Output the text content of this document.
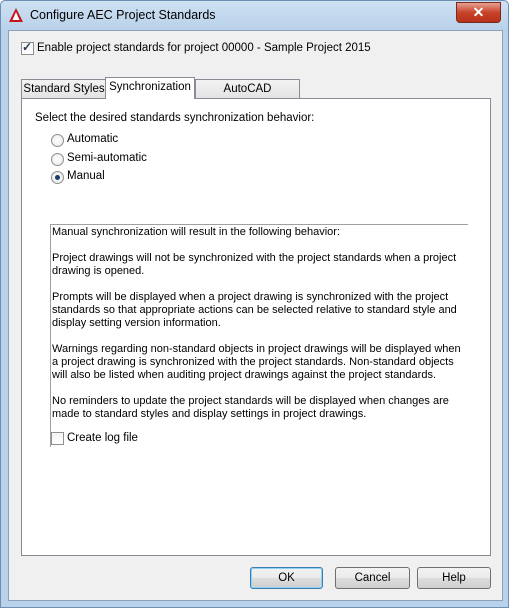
Configure AEC Project Standards	✕
✓
Enable project standards for project 00000 - Sample Project 2015
Standard Styles Synchronization	AutoCAD
Select the desired standards synchronization behavior:
Automatic
Semi-automatic
Manual

Manual synchronization will result in the following behavior:

Project drawings will not be synchronized with the project standards when a project drawing is opened.

Prompts will be displayed when a project drawing is synchronized with the project standards so that appropriate actions can be selected relative to standard style and display setting version information.

Warnings regarding non-standard objects in project drawings will be displayed when a project drawing is synchronized with the project standards. Non-standard objects will also be listed when auditing project drawings against the project standards.

No reminders to update the project standards will be displayed when changes are made to standard styles and display settings in project drawings.

Create log file
OK	Cancel	Help
